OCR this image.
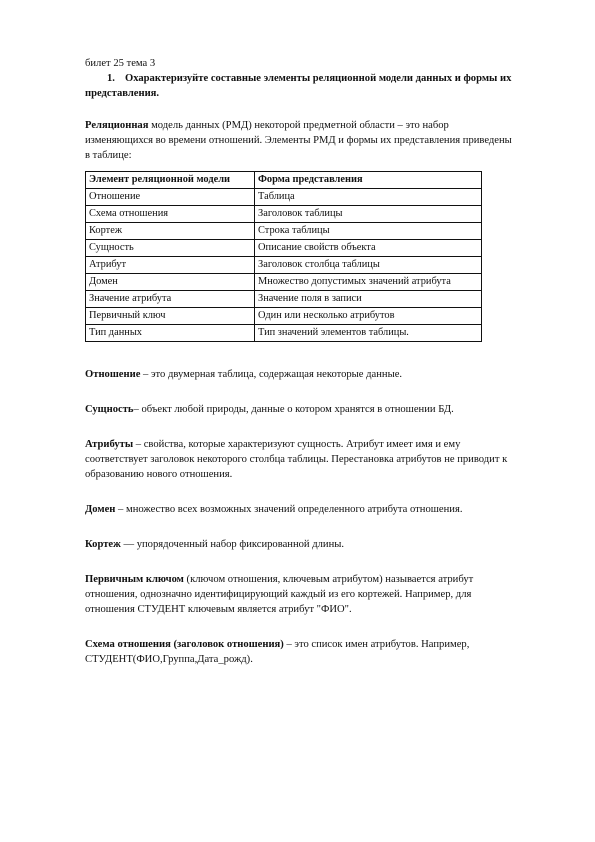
билет 25 тема 3

1. Охарактеризуйте составные элементы реляционной модели данных и формы их представления.

Реляционная модель данных (РМД) некоторой предметной области – это набор изменяющихся во времени отношений. Элементы РМД и формы их представления приведены в таблице:

Элемент реляционной модели	Форма представления
Отношение	Таблица
Схема отношения	Заголовок таблицы
Кортеж	Строка таблицы
Сущность	Описание свойств объекта
Атрибут	Заголовок столбца таблицы
Домен	Множество допустимых значений атрибута
Значение атрибута	Значение поля в записи
Первичный ключ	Один или несколько атрибутов
Тип данных	Тип значений элементов таблицы.

Отношение – это двумерная таблица, содержащая некоторые данные.

Сущность– объект любой природы, данные о котором хранятся в отношении БД.

Атрибуты – свойства, которые характеризуют сущность. Атрибут имеет имя и ему соответствует заголовок некоторого столбца таблицы. Перестановка атрибутов не приводит к образованию нового отношения.

Домен – множество всех возможных значений определенного атрибута отношения.

Кортеж — упорядоченный набор фиксированной длины.

Первичным ключом (ключом отношения, ключевым атрибутом) называется атрибут отношения, однозначно идентифицирующий каждый из его кортежей. Например, для отношения СТУДЕНТ ключевым является атрибут "ФИО".

Схема отношения (заголовок отношения) – это список имен атрибутов. Например, СТУДЕНТ(ФИО,Группа,Дата_рожд).
